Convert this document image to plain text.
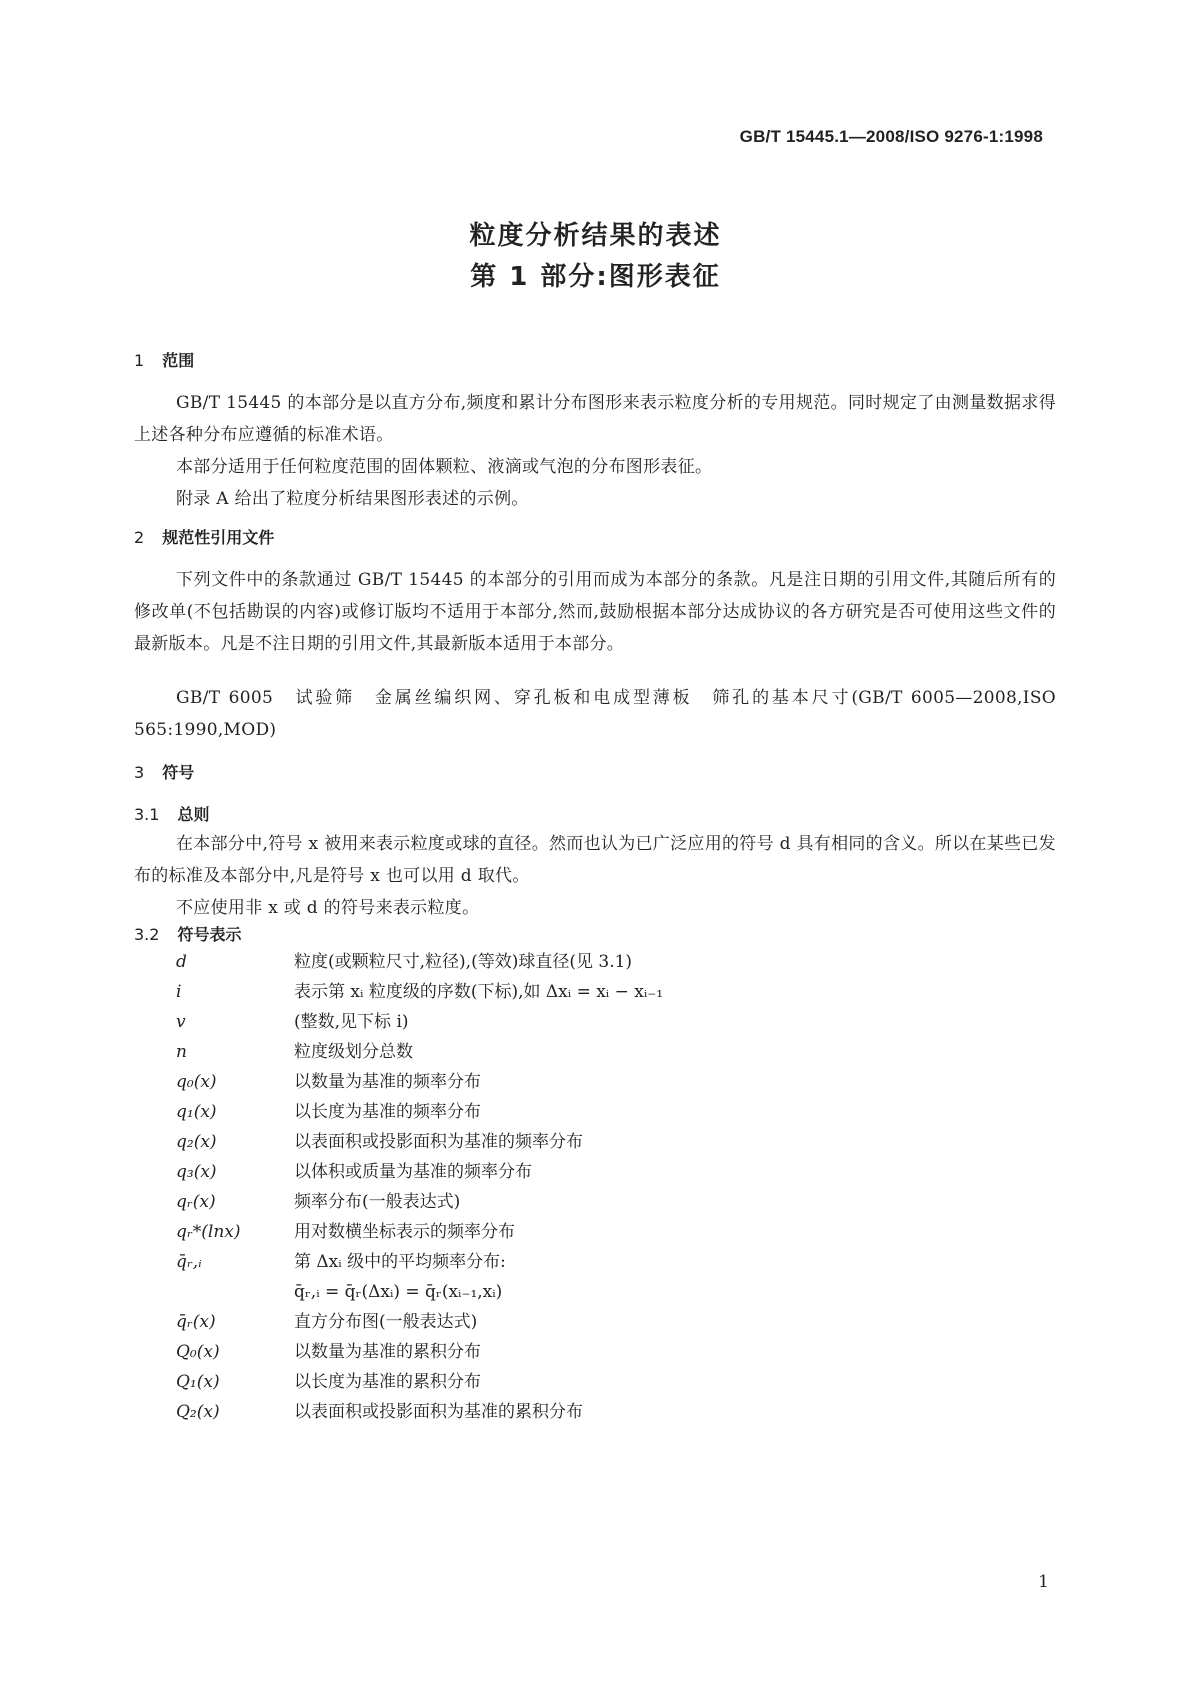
GB/T 15445.1—2008/ISO 9276-1:1998
粒度分析结果的表述
第 1 部分:图形表征
1 范围
GB/T 15445 的本部分是以直方分布,频度和累计分布图形来表示粒度分析的专用规范。同时规定了由测量数据求得上述各种分布应遵循的标准术语。
本部分适用于任何粒度范围的固体颗粒、液滴或气泡的分布图形表征。
附录 A 给出了粒度分析结果图形表述的示例。
2 规范性引用文件
下列文件中的条款通过 GB/T 15445 的本部分的引用而成为本部分的条款。凡是注日期的引用文件,其随后所有的修改单(不包括勘误的内容)或修订版均不适用于本部分,然而,鼓励根据本部分达成协议的各方研究是否可使用这些文件的最新版本。凡是不注日期的引用文件,其最新版本适用于本部分。
GB/T 6005　试验筛　金属丝编织网、穿孔板和电成型薄板　筛孔的基本尺寸(GB/T 6005—2008,ISO 565:1990,MOD)
3 符号
3.1 总则
在本部分中,符号 x 被用来表示粒度或球的直径。然而也认为已广泛应用的符号 d 具有相同的含义。所以在某些已发布的标准及本部分中,凡是符号 x 也可以用 d 取代。
不应使用非 x 或 d 的符号来表示粒度。
3.2 符号表示
d	粒度(或颗粒尺寸,粒径),(等效)球直径(见 3.1)
i	表示第 xᵢ 粒度级的序数(下标),如 Δxᵢ = xᵢ − xᵢ₋₁
v	(整数,见下标 i)
n	粒度级划分总数
q₀(x)	以数量为基准的频率分布
q₁(x)	以长度为基准的频率分布
q₂(x)	以表面积或投影面积为基准的频率分布
q₃(x)	以体积或质量为基准的频率分布
qᵣ(x)	频率分布(一般表达式)
qᵣ*(lnx)	用对数横坐标表示的频率分布
q̄ᵣ,ᵢ	第 Δxᵢ 级中的平均频率分布:
q̄ᵣ,ᵢ = q̄ᵣ(Δxᵢ) = q̄ᵣ(xᵢ₋₁,xᵢ)
q̄ᵣ(x)	直方分布图(一般表达式)
Q₀(x)	以数量为基准的累积分布
Q₁(x)	以长度为基准的累积分布
Q₂(x)	以表面积或投影面积为基准的累积分布
1
